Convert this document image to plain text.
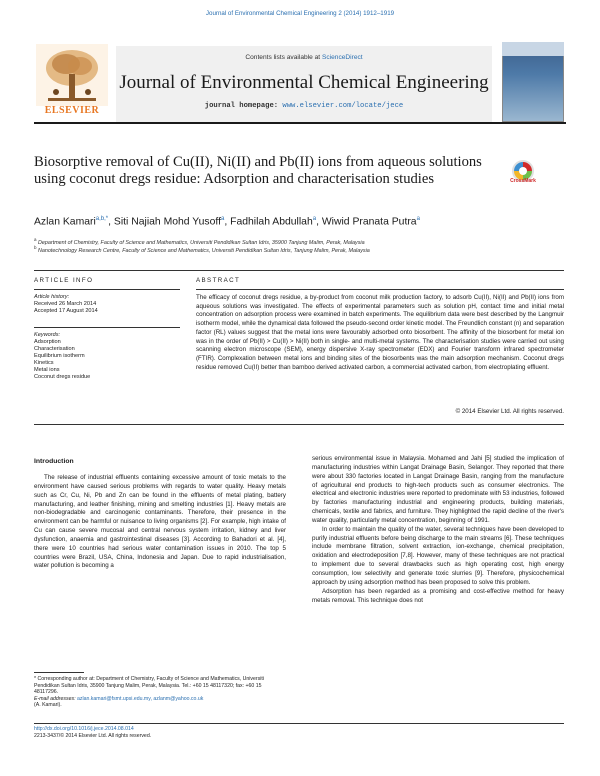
Journal of Environmental Chemical Engineering 2 (2014) 1912–1919
ELSEVIER
Contents lists available at ScienceDirect
Journal of Environmental Chemical Engineering
journal homepage: www.elsevier.com/locate/jece
Biosorptive removal of Cu(II), Ni(II) and Pb(II) ions from aqueous solutions using coconut dregs residue: Adsorption and characterisation studies	CrossMark
Azlan Kamari$^{a,b,*}$, Siti Najiah Mohd Yusoff$^a$, Fadhilah Abdullah$^a$, Wiwid Pranata Putra$^a$
$^a$ Department of Chemistry, Faculty of Science and Mathematics, Universiti Pendidikan Sultan Idris, 35900 Tanjung Malim, Perak, Malaysia
$^b$ Nanotechnology Research Centre, Faculty of Science and Mathematics, Universiti Pendidikan Sultan Idris, Tanjung Malim, Perak, Malaysia
ARTICLE INFO	ABSTRACT
Article history:
Received 26 March 2014
Accepted 17 August 2014
Keywords:
Adsorption
Characterisation
Equilibrium isotherm
Kinetics
Metal ions
Coconut dregs residue
The efficacy of coconut dregs residue, a by-product from coconut milk production factory, to adsorb Cu(II), Ni(II) and Pb(II) ions from aqueous solutions was investigated. The effects of experimental parameters such as solution pH, contact time and initial metal concentration on adsorption process were examined in batch experiments. The equilibrium data were best described by the Langmuir isotherm model, while the dynamical data followed the pseudo-second order kinetic model. The Freundlich constant (n) and separation factor (RL) values suggest that the metal ions were favourably adsorbed onto biosorbent. The affinity of the biosorbent for metal ion was in the order of Pb(II) > Cu(II) > Ni(II) both in single- and multi-metal systems. The characterisation studies were carried out using scanning electron microscope (SEM), energy dispersive X-ray spectrometer (EDX) and Fourier transform infrared spectrometer (FTIR). Complexation between metal ions and binding sites of the biosorbents was the main adsorption mechanism. Coconut dregs residue removed Cu(II) better than bamboo derived activated carbon, a commercial activated carbon, from electroplating effluent.
© 2014 Elsevier Ltd. All rights reserved.
Introduction

The release of industrial effluents containing excessive amount of toxic metals to the environment have caused serious problems with regards to water quality. Heavy metals such as Cr, Cu, Ni, Pb and Zn can be found in the effluents of metal plating, battery manufacturing, and leather finishing, mining and smelting industries [1]. Heavy metals are non-biodegradable and carcinogenic contaminants. Therefore, their presence in the environment can be harmful or nuisance to living organisms [2]. For example, high intake of Cu can cause severe mucosal and central nervous system irritation, kidney and liver dysfunction, anaemia and gastrointestinal diseases [3]. According to Bahadori et al. [4], there were 10 countries had serious water contamination issues in 2010. The top 5 countries were Brazil, USA, China, Indonesia and Japan. Due to rapid industrialisation, water pollution is becoming a

* Corresponding author at: Department of Chemistry, Faculty of Science and Mathematics, Universiti Pendidikan Sultan Idris, 35900 Tanjung Malim, Perak, Malaysia. Tel.: +60 15 48117320; fax: +60 15 48117296.
E-mail addresses: azlan.kamari@fsmt.upsi.edu.my, azlanm@yahoo.co.uk
(A. Kamari).
http://dx.doi.org/10.1016/j.jece.2014.08.014
2213-3437/© 2014 Elsevier Ltd. All rights reserved.

serious environmental issue in Malaysia. Mohamed and Jahi [5] studied the implication of manufacturing industries within Langat Drainage Basin, Selangor. They reported that there were about 330 factories located in Langat Drainage Basin, ranging from the manufacture of agricultural end products to high-tech products such as consumer electronics. The electrical and electronic industries were reported to predominate with 53 industries, followed by factories manufacturing industrial and engineering products, building materials, chemicals, textile and fabrics, and furniture. They highlighted the rapid decline of the river's water quality, particularly metal concentration, beginning of 1991.

In order to maintain the quality of the water, several techniques have been developed to purify industrial effluents before being discharge to the main streams [6]. These techniques include membrane filtration, solvent extraction, ion-exchange, chemical precipitation, oxidation and electrodeposition [7,8]. However, many of these techniques are not practical to implement due to several drawbacks such as high operating cost, high energy consumption, low selectivity and generate toxic slurries [9]. Therefore, physicochemical approach by using adsorption method has been proposed to solve this problem.

Adsorption has been regarded as a promising and cost-effective method for heavy metals removal. This technique does not
